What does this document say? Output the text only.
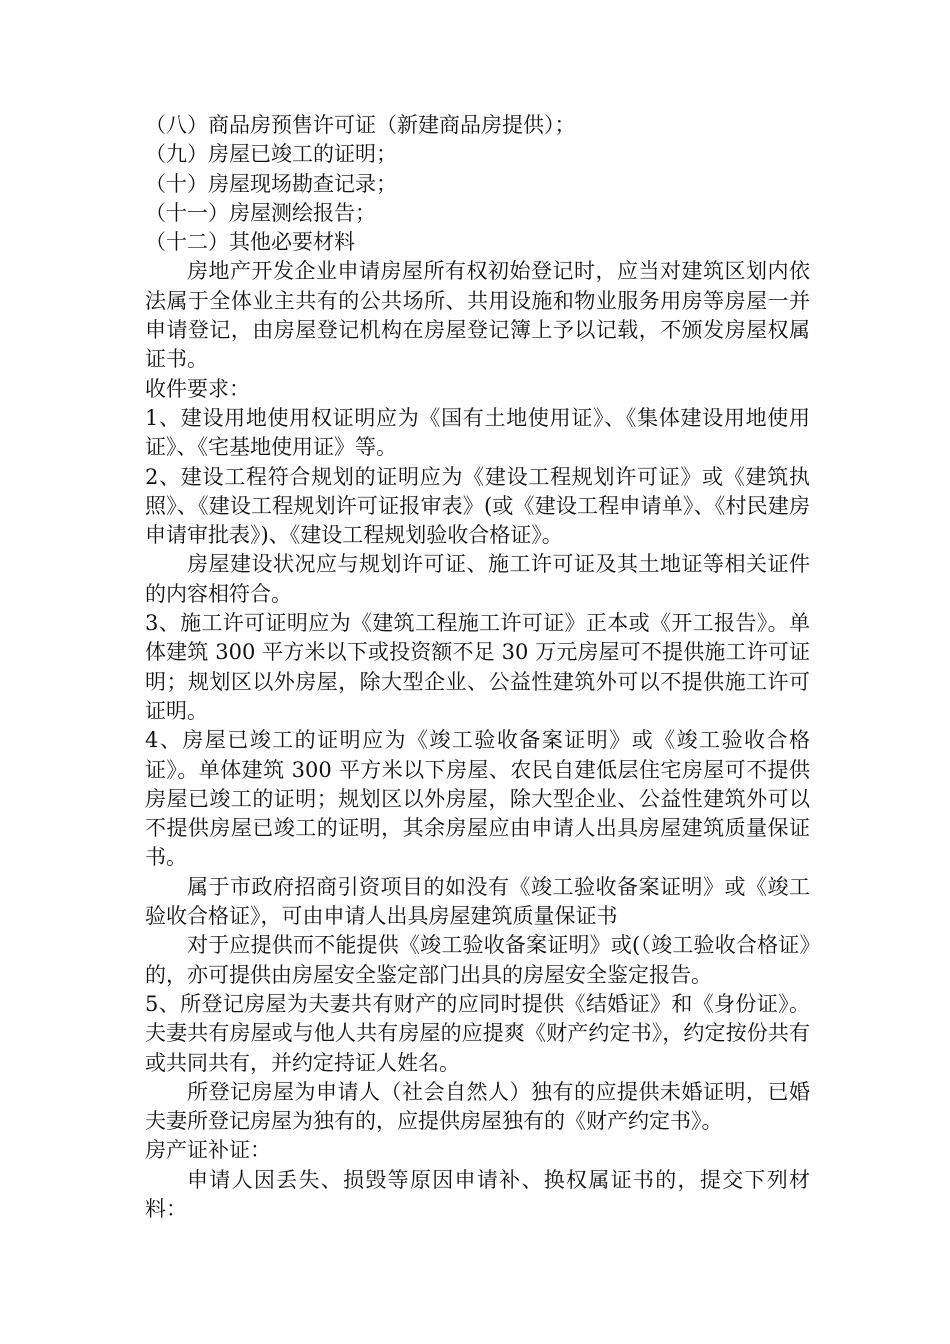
（八）商品房预售许可证（新建商品房提供）；

（九）房屋已竣工的证明；

（十）房屋现场勘查记录；

（十一）房屋测绘报告；

（十二）其他必要材料

房地产开发企业申请房屋所有权初始登记时，应当对建筑区划内依法属于全体业主共有的公共场所、共用设施和物业服务用房等房屋一并申请登记，由房屋登记机构在房屋登记簿上予以记载，不颁发房屋权属证书。

收件要求：

1、建设用地使用权证明应为《国有土地使用证》、《集体建设用地使用证》、《宅基地使用证》等。

2、建设工程符合规划的证明应为《建设工程规划许可证》或《建筑执照》、《建设工程规划许可证报审表》(或《建设工程申请单》、《村民建房申请审批表》)、《建设工程规划验收合格证》。

房屋建设状况应与规划许可证、施工许可证及其土地证等相关证件的内容相符合。

3、施工许可证明应为《建筑工程施工许可证》正本或《开工报告》。单体建筑 300 平方米以下或投资额不足 30 万元房屋可不提供施工许可证明；规划区以外房屋，除大型企业、公益性建筑外可以不提供施工许可证明。

4、房屋已竣工的证明应为《竣工验收备案证明》或《竣工验收合格证》。单体建筑 300 平方米以下房屋、农民自建低层住宅房屋可不提供房屋已竣工的证明；规划区以外房屋，除大型企业、公益性建筑外可以不提供房屋已竣工的证明，其余房屋应由申请人出具房屋建筑质量保证书。

属于市政府招商引资项目的如没有《竣工验收备案证明》或《竣工验收合格证》，可由申请人出具房屋建筑质量保证书

对于应提供而不能提供《竣工验收备案证明》或(（竣工验收合格证》的，亦可提供由房屋安全鉴定部门出具的房屋安全鉴定报告。

5、所登记房屋为夫妻共有财产的应同时提供《结婚证》和《身份证》。夫妻共有房屋或与他人共有房屋的应提爽《财产约定书》，约定按份共有或共同共有，并约定持证人姓名。

所登记房屋为申请人（社会自然人）独有的应提供未婚证明，已婚夫妻所登记房屋为独有的，应提供房屋独有的《财产约定书》。

房产证补证：

申请人因丢失、损毁等原因申请补、换权属证书的，提交下列材料：
